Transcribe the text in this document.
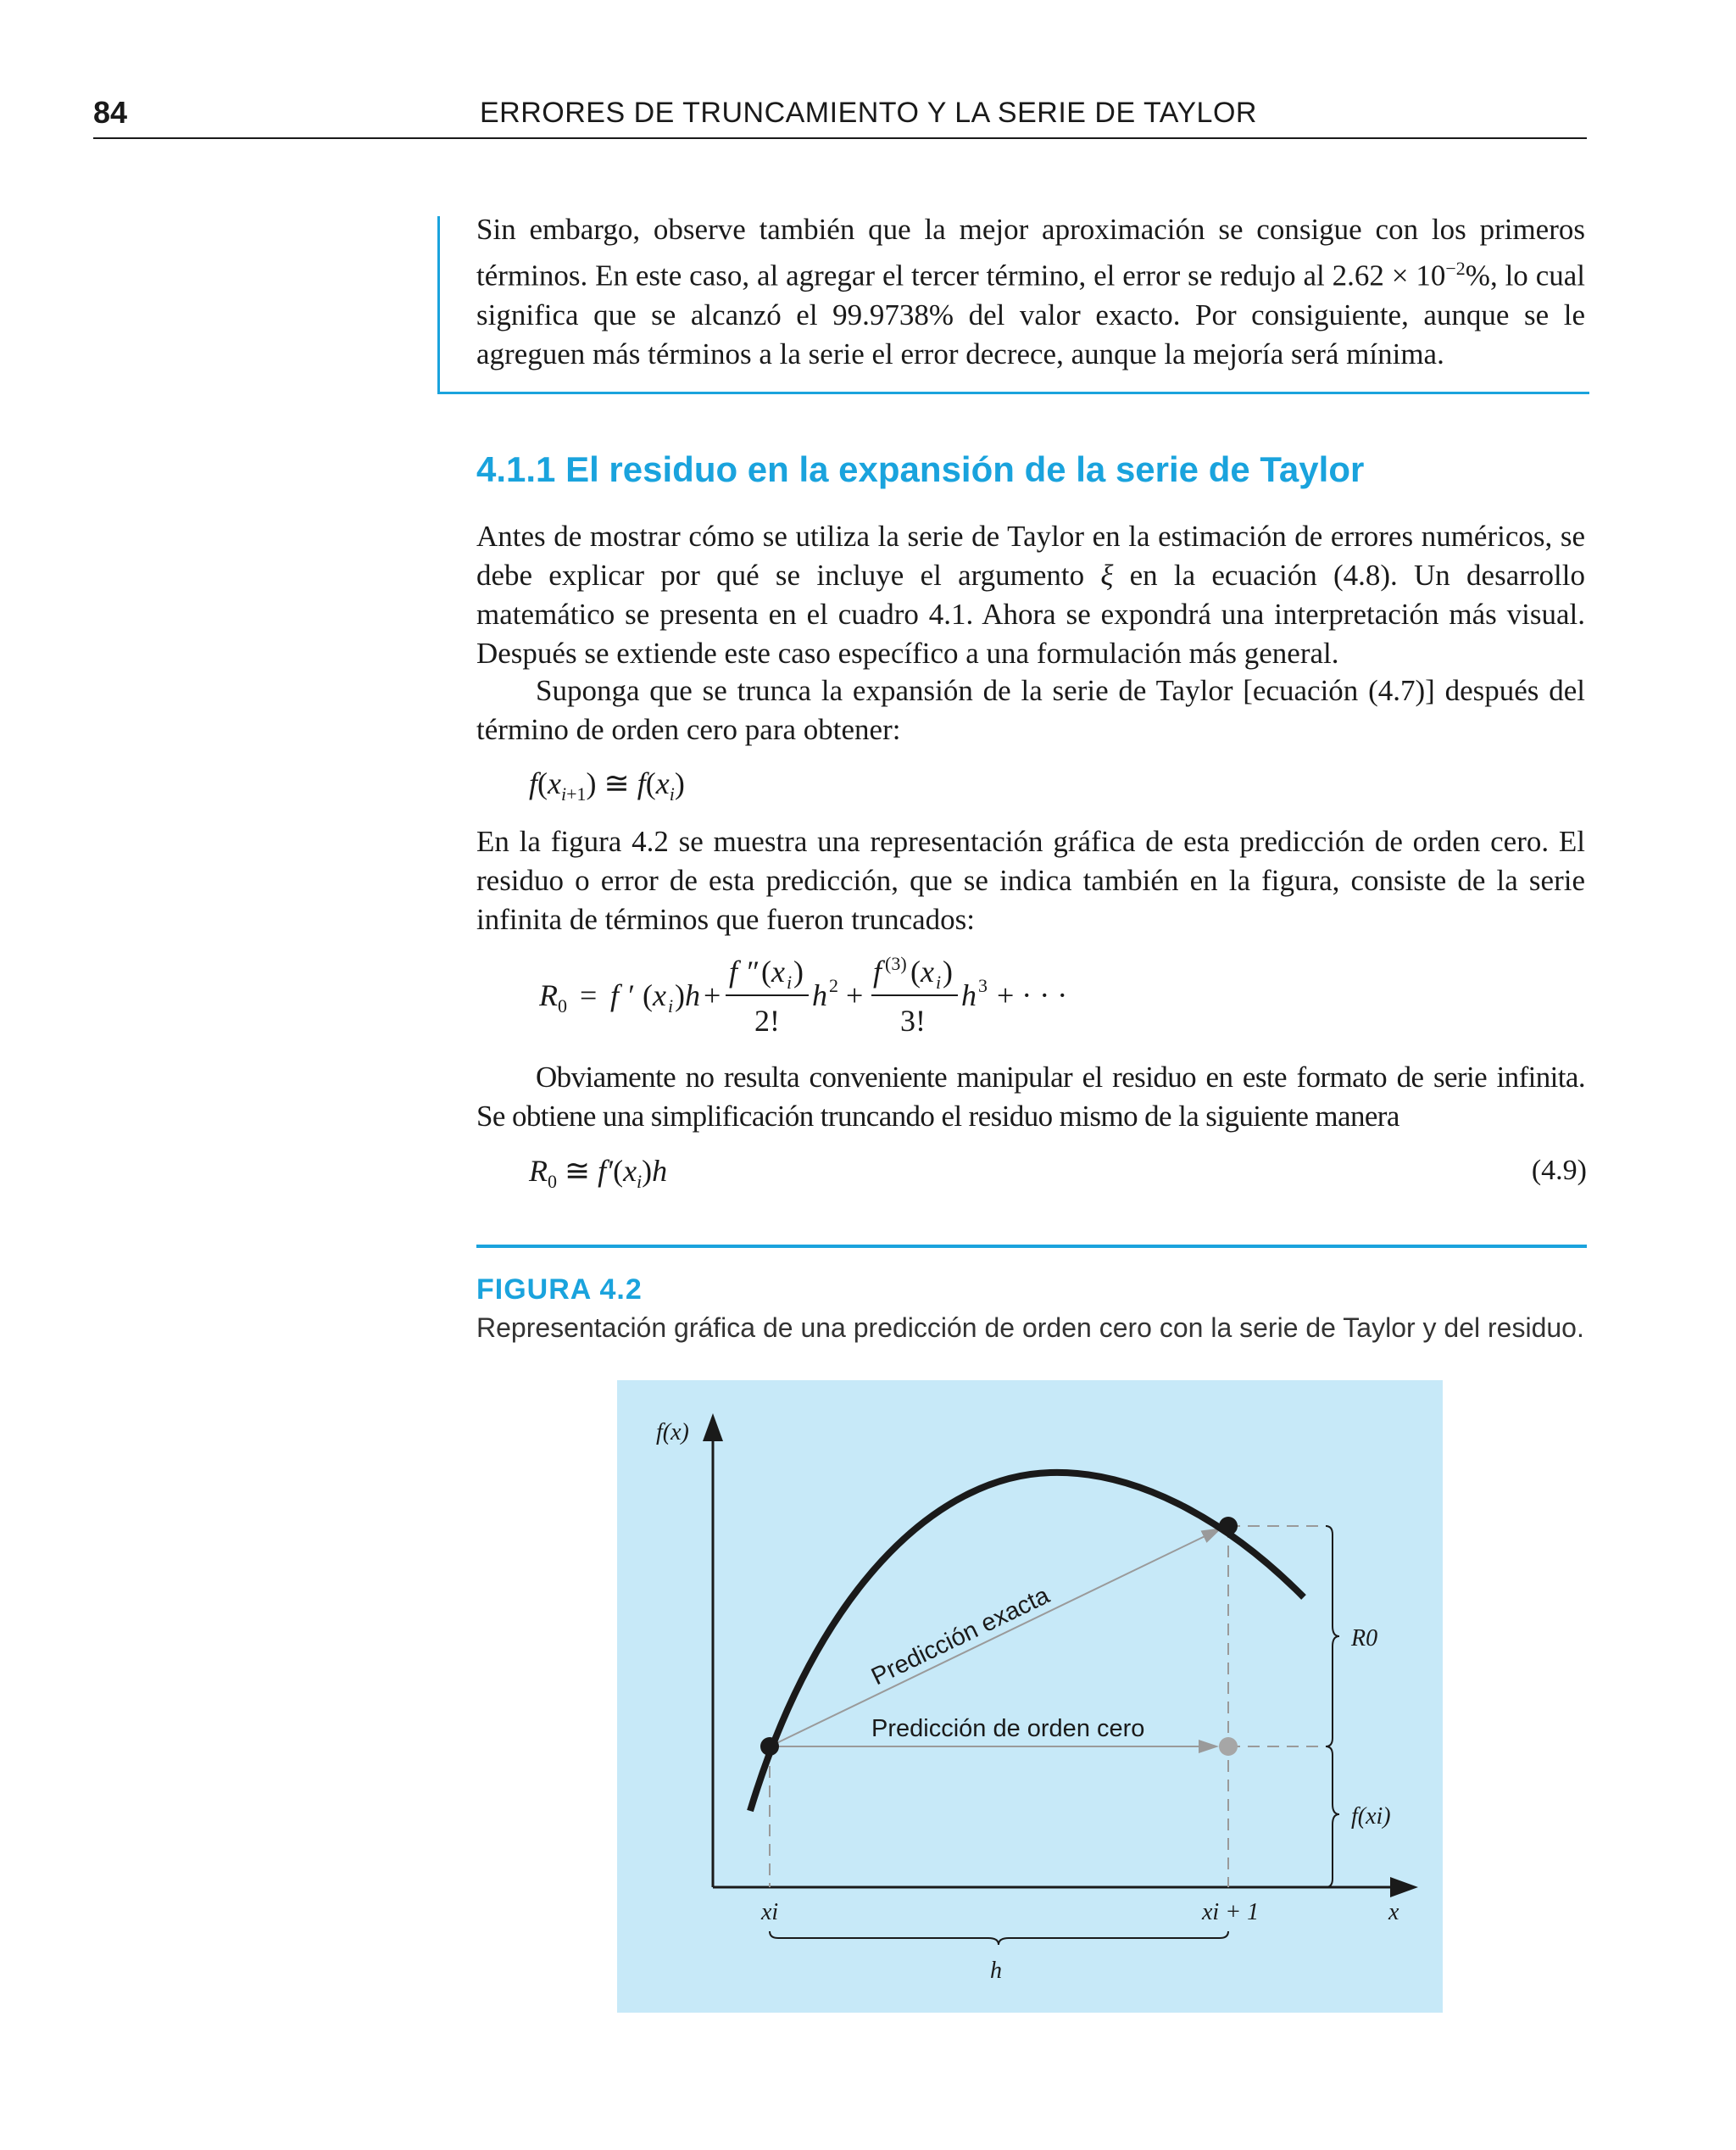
84	ERRORES DE TRUNCAMIENTO Y LA SERIE DE TAYLOR
Sin embargo, observe también que la mejor aproximación se consigue con los primeros términos. En este caso, al agregar el tercer término, el error se redujo al $2.62 \times 10^{-2}\%$, lo cual significa que se alcanzó el 99.9738% del valor exacto. Por consiguiente, aunque se le agreguen más términos a la serie el error decrece, aunque la mejoría será mínima.
4.1.1 El residuo en la expansión de la serie de Taylor
Antes de mostrar cómo se utiliza la serie de Taylor en la estimación de errores numéricos, se debe explicar por qué se incluye el argumento ξ en la ecuación (4.8). Un desarrollo matemático se presenta en el cuadro 4.1. Ahora se expondrá una interpretación más visual. Después se extiende este caso específico a una formulación más general.
Suponga que se trunca la expansión de la serie de Taylor [ecuación (4.7)] después del término de orden cero para obtener:
$f(x_{i+1})$ ≅ $f(x_i)$
En la figura 4.2 se muestra una representación gráfica de esta predicción de orden cero. El residuo o error de esta predicción, que se indica también en la figura, consiste de la serie infinita de términos que fueron truncados:
R 0 = f ′ ( x i ) h +
f ″ ( x i )
2!
h 2 +
f (3) ( x i )
3!
h 3 + · · ·
Obviamente no resulta conveniente manipular el residuo en este formato de serie infinita. Se obtiene una simplificación truncando el residuo mismo de la siguiente manera
$R_0$ ≅ $f'(x_i)h$	(4.9)
FIGURA 4.2
Representación gráfica de una predicción de orden cero con la serie de Taylor y del residuo.
f(x)
x
xi	xi + 1
h
Predicción exacta
Predicción de orden cero
R0
f(xi)
